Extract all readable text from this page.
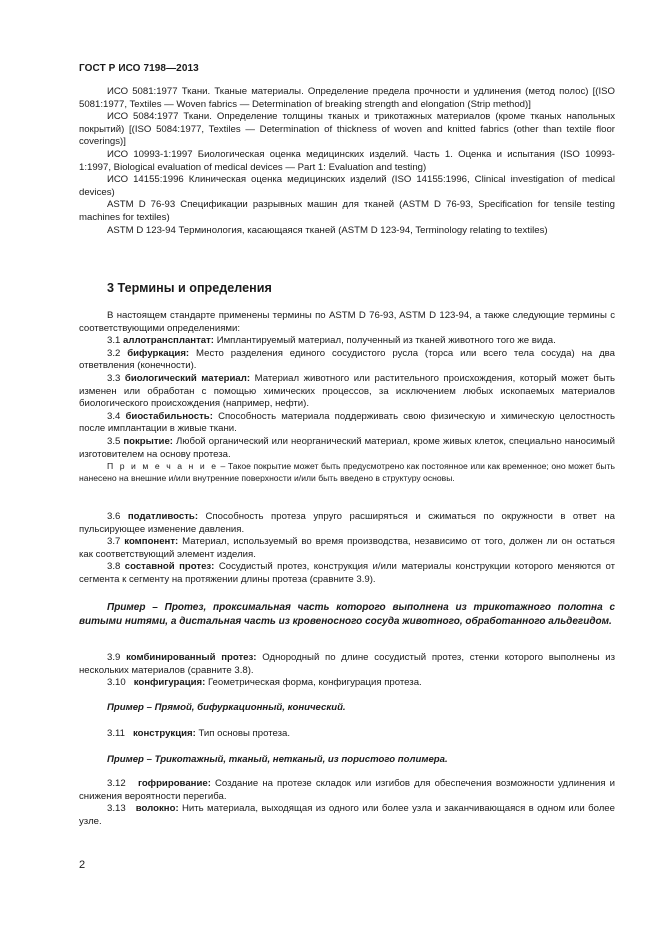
ГОСТ Р ИСО 7198—2013

ИСО 5081:1977 Ткани. Тканые материалы. Определение предела прочности и удлинения (метод полос) [(ISO 5081:1977, Textiles — Woven fabrics — Determination of breaking strength and elongation (Strip method)]

ИСО 5084:1977 Ткани. Определение толщины тканых и трикотажных материалов (кроме тканых напольных покрытий) [(ISO 5084:1977, Textiles — Determination of thickness of woven and knitted fabrics (other than textile floor coverings)]

ИСО 10993-1:1997 Биологическая оценка медицинских изделий. Часть 1. Оценка и испытания (ISO 10993-1:1997, Biological evaluation of medical devices — Part 1: Evaluation and testing)

ИСО 14155:1996 Клиническая оценка медицинских изделий (ISO 14155:1996, Clinical investigation of medical devices)

ASTM D 76-93 Спецификации разрывных машин для тканей (ASTM D 76-93, Specification for tensile testing machines for textiles)

ASTM D 123-94 Терминология, касающаяся тканей (ASTM D 123-94, Terminology relating to textiles)

3 Термины и определения

В настоящем стандарте применены термины по ASTM D 76-93, ASTM D 123-94, а также следующие термины с соответствующими определениями:

3.1 аллотрансплантат: Имплантируемый материал, полученный из тканей животного того же вида.

3.2 бифуркация: Место разделения единого сосудистого русла (торса или всего тела сосуда) на два ответвления (конечности).

3.3 биологический материал: Материал животного или растительного происхождения, который может быть изменен или обработан с помощью химических процессов, за исключением любых ископаемых материалов биологического происхождения (например, нефти).

3.4 биостабильность: Способность материала поддерживать свою физическую и химическую целостность после имплантации в живые ткани.

3.5 покрытие: Любой органический или неорганический материал, кроме живых клеток, специально наносимый изготовителем на основу протеза.

П р и м е ч а н и е – Такое покрытие может быть предусмотрено как постоянное или как временное; оно может быть нанесено на внешние и/или внутренние поверхности и/или быть введено в структуру основы.

3.6 податливость: Способность протеза упруго расширяться и сжиматься по окружности в ответ на пульсирующее изменение давления.

3.7 компонент: Материал, используемый во время производства, независимо от того, должен ли он остаться как соответствующий элемент изделия.

3.8 составной протез: Сосудистый протез, конструкция и/или материалы конструкции которого меняются от сегмента к сегменту на протяжении длины протеза (сравните 3.9).

Пример – Протез, проксимальная часть которого выполнена из трикотажного полотна с витыми нитями, а дистальная часть из кровеносного сосуда животного, обработанного альдегидом.

3.9 комбинированный протез: Однородный по длине сосудистый протез, стенки которого выполнены из нескольких материалов (сравните 3.8).

3.10 конфигурация: Геометрическая форма, конфигурация протеза.

Пример – Прямой, бифуркационный, конический.

3.11 конструкция: Тип основы протеза.

Пример – Трикотажный, тканый, нетканый, из пористого полимера.

3.12 гофрирование: Создание на протезе складок или изгибов для обеспечения возможности удлинения и снижения вероятности перегиба.

3.13 волокно: Нить материала, выходящая из одного или более узла и заканчивающаяся в одном или более узле.

2
